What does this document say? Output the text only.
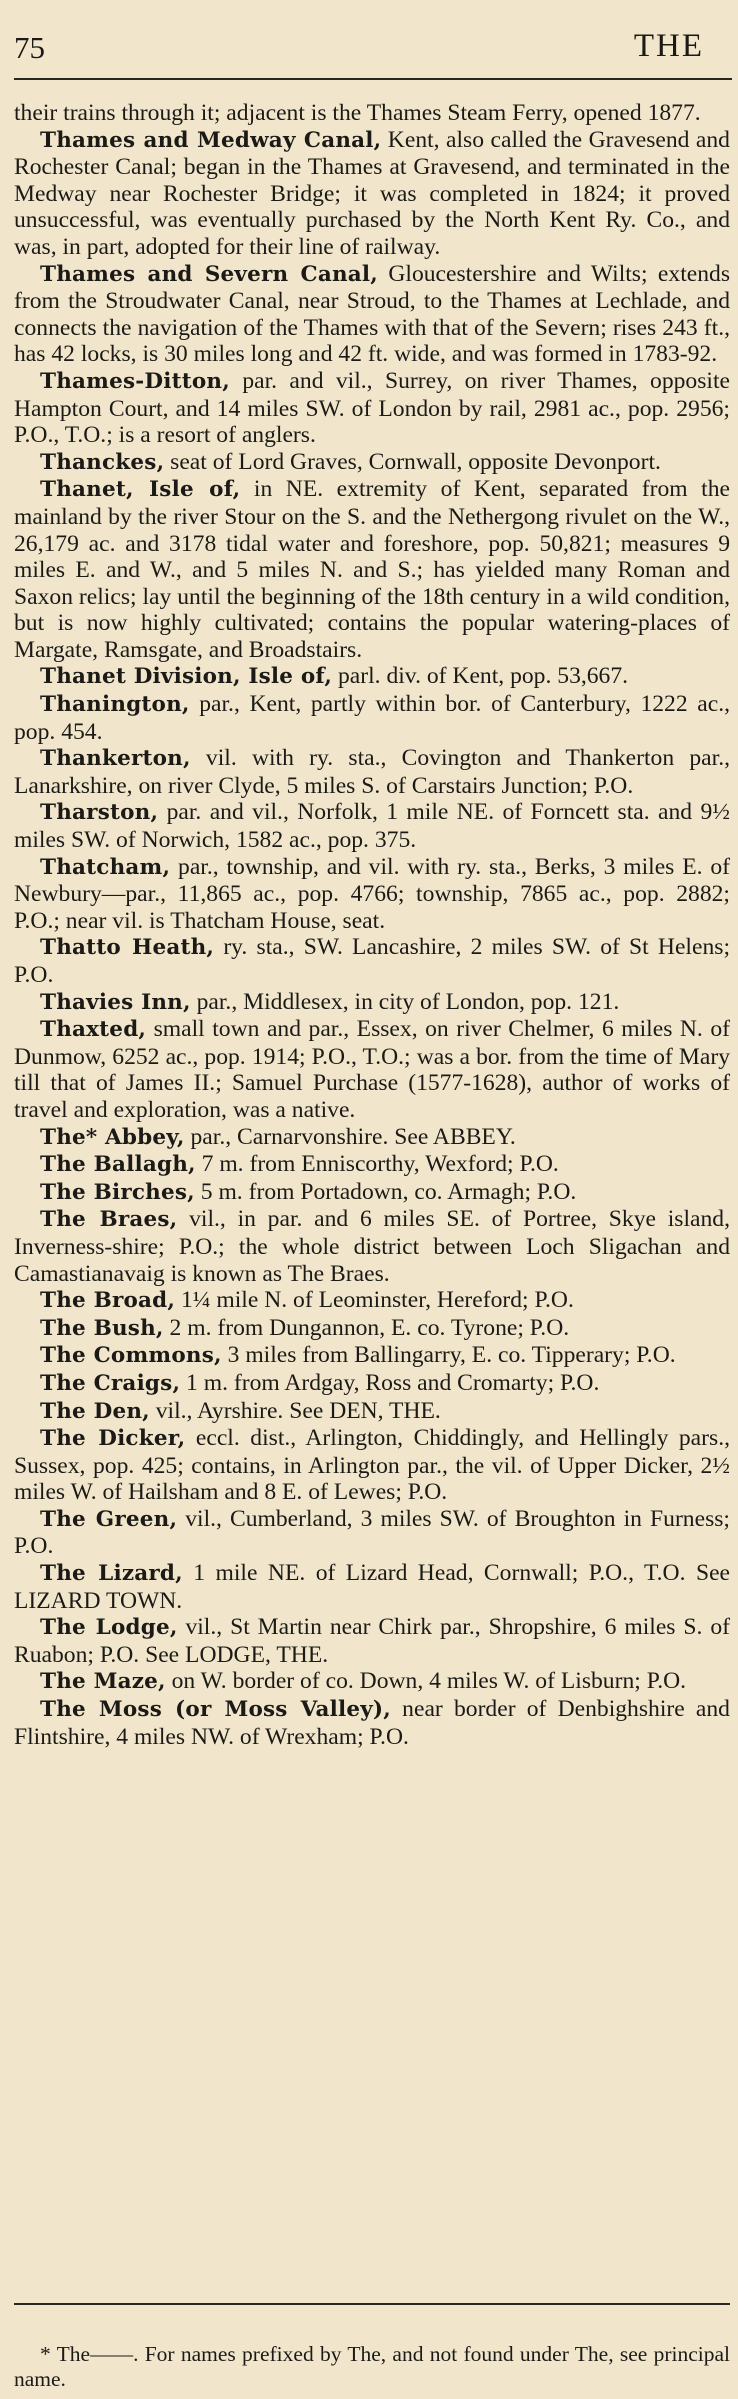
75	THE

their trains through it; adjacent is the Thames Steam Ferry, opened 1877.

Thames and Medway Canal, Kent, also called the Gravesend and Rochester Canal; began in the Thames at Gravesend, and terminated in the Medway near Rochester Bridge; it was completed in 1824; it proved unsuccessful, was eventually purchased by the North Kent Ry. Co., and was, in part, adopted for their line of railway.

Thames and Severn Canal, Gloucestershire and Wilts; extends from the Stroudwater Canal, near Stroud, to the Thames at Lechlade, and connects the navigation of the Thames with that of the Severn; rises 243 ft., has 42 locks, is 30 miles long and 42 ft. wide, and was formed in 1783-92.

Thames-Ditton, par. and vil., Surrey, on river Thames, opposite Hampton Court, and 14 miles SW. of London by rail, 2981 ac., pop. 2956; P.O., T.O.; is a resort of anglers.

Thanckes, seat of Lord Graves, Cornwall, opposite Devonport.

Thanet, Isle of, in NE. extremity of Kent, separated from the mainland by the river Stour on the S. and the Nethergong rivulet on the W., 26,179 ac. and 3178 tidal water and foreshore, pop. 50,821; measures 9 miles E. and W., and 5 miles N. and S.; has yielded many Roman and Saxon relics; lay until the beginning of the 18th century in a wild condition, but is now highly cultivated; contains the popular watering-places of Margate, Ramsgate, and Broadstairs.

Thanet Division, Isle of, parl. div. of Kent, pop. 53,667.

Thanington, par., Kent, partly within bor. of Canterbury, 1222 ac., pop. 454.

Thankerton, vil. with ry. sta., Covington and Thankerton par., Lanarkshire, on river Clyde, 5 miles S. of Carstairs Junction; P.O.

Tharston, par. and vil., Norfolk, 1 mile NE. of Forncett sta. and 9½ miles SW. of Norwich, 1582 ac., pop. 375.

Thatcham, par., township, and vil. with ry. sta., Berks, 3 miles E. of Newbury—par., 11,865 ac., pop. 4766; township, 7865 ac., pop. 2882; P.O.; near vil. is Thatcham House, seat.

Thatto Heath, ry. sta., SW. Lancashire, 2 miles SW. of St Helens; P.O.

Thavies Inn, par., Middlesex, in city of London, pop. 121.

Thaxted, small town and par., Essex, on river Chelmer, 6 miles N. of Dunmow, 6252 ac., pop. 1914; P.O., T.O.; was a bor. from the time of Mary till that of James II.; Samuel Purchase (1577-1628), author of works of travel and exploration, was a native.

The* Abbey, par., Carnarvonshire. See ABBEY.

The Ballagh, 7 m. from Enniscorthy, Wexford; P.O.

The Birches, 5 m. from Portadown, co. Armagh; P.O.

The Braes, vil., in par. and 6 miles SE. of Portree, Skye island, Inverness-shire; P.O.; the whole district between Loch Sligachan and Camastianavaig is known as The Braes.

The Broad, 1¼ mile N. of Leominster, Hereford; P.O.

The Bush, 2 m. from Dungannon, E. co. Tyrone; P.O.

The Commons, 3 miles from Ballingarry, E. co. Tipperary; P.O.

The Craigs, 1 m. from Ardgay, Ross and Cromarty; P.O.

The Den, vil., Ayrshire. See DEN, THE.

The Dicker, eccl. dist., Arlington, Chiddingly, and Hellingly pars., Sussex, pop. 425; contains, in Arlington par., the vil. of Upper Dicker, 2½ miles W. of Hailsham and 8 E. of Lewes; P.O.

The Green, vil., Cumberland, 3 miles SW. of Broughton in Furness; P.O.

The Lizard, 1 mile NE. of Lizard Head, Cornwall; P.O., T.O. See LIZARD TOWN.

The Lodge, vil., St Martin near Chirk par., Shropshire, 6 miles S. of Ruabon; P.O. See LODGE, THE.

The Maze, on W. border of co. Down, 4 miles W. of Lisburn; P.O.

The Moss (or Moss Valley), near border of Denbighshire and Flintshire, 4 miles NW. of Wrexham; P.O.

* The——. For names prefixed by The, and not found under The, see principal name.
